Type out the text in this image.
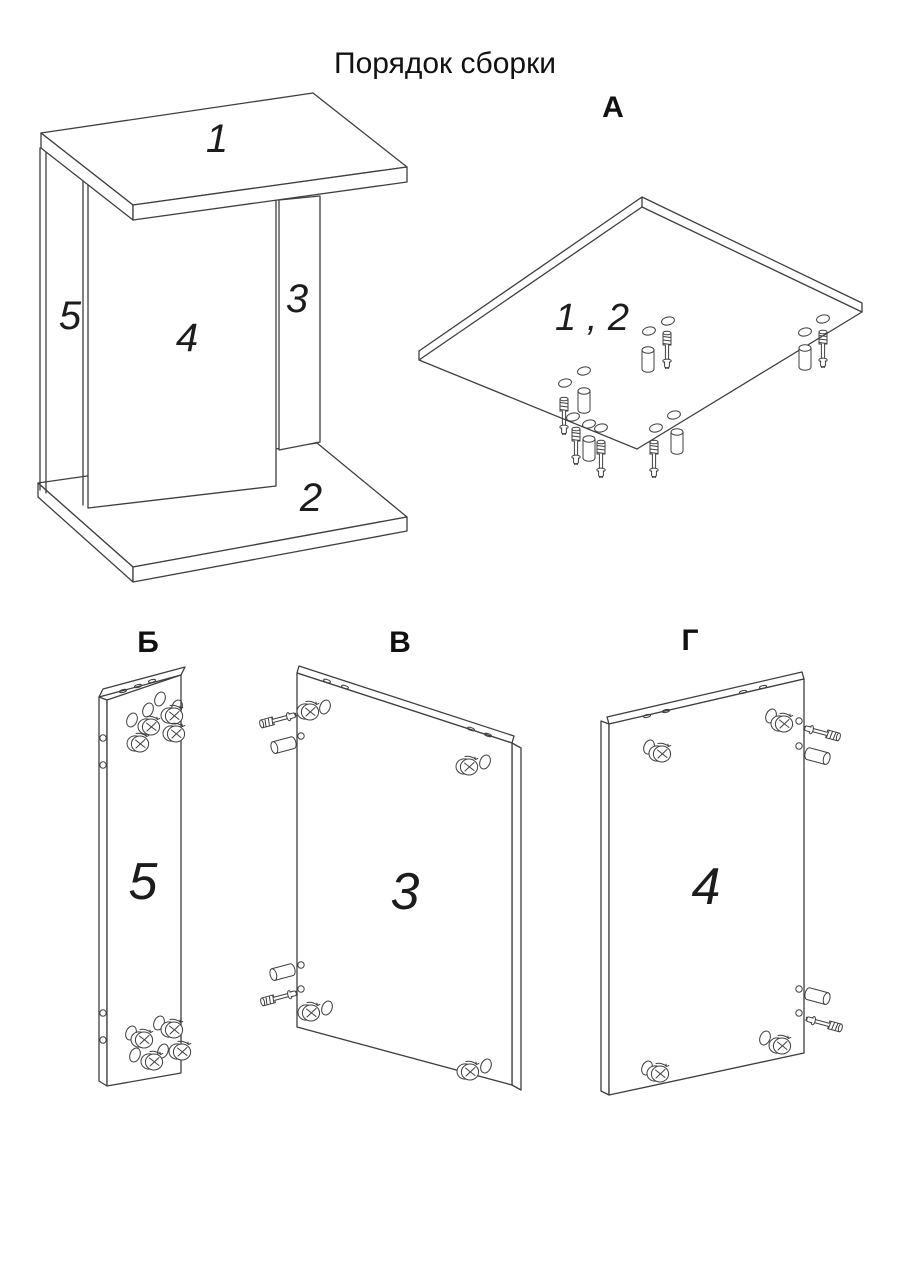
1
5 4
3
2
А
1 , 2
Б
5
В
3
Г
4
Порядок сборки
